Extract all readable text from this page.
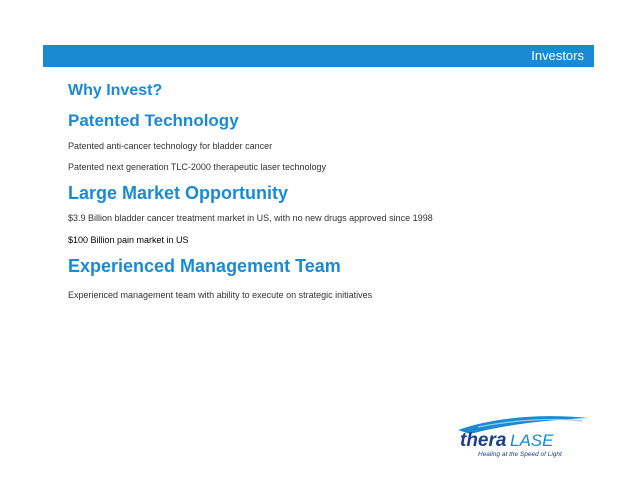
Investors
Why Invest?
Patented Technology
Patented anti-cancer technology for bladder cancer
Patented next generation TLC-2000 therapeutic laser technology
Large Market Opportunity
$3.9 Billion bladder cancer treatment market in US, with no new drugs approved since 1998
$100 Billion pain market in US
Experienced Management Team
Experienced management team with ability to execute on strategic initiatives
thera LASE
Healing at the Speed of Light
